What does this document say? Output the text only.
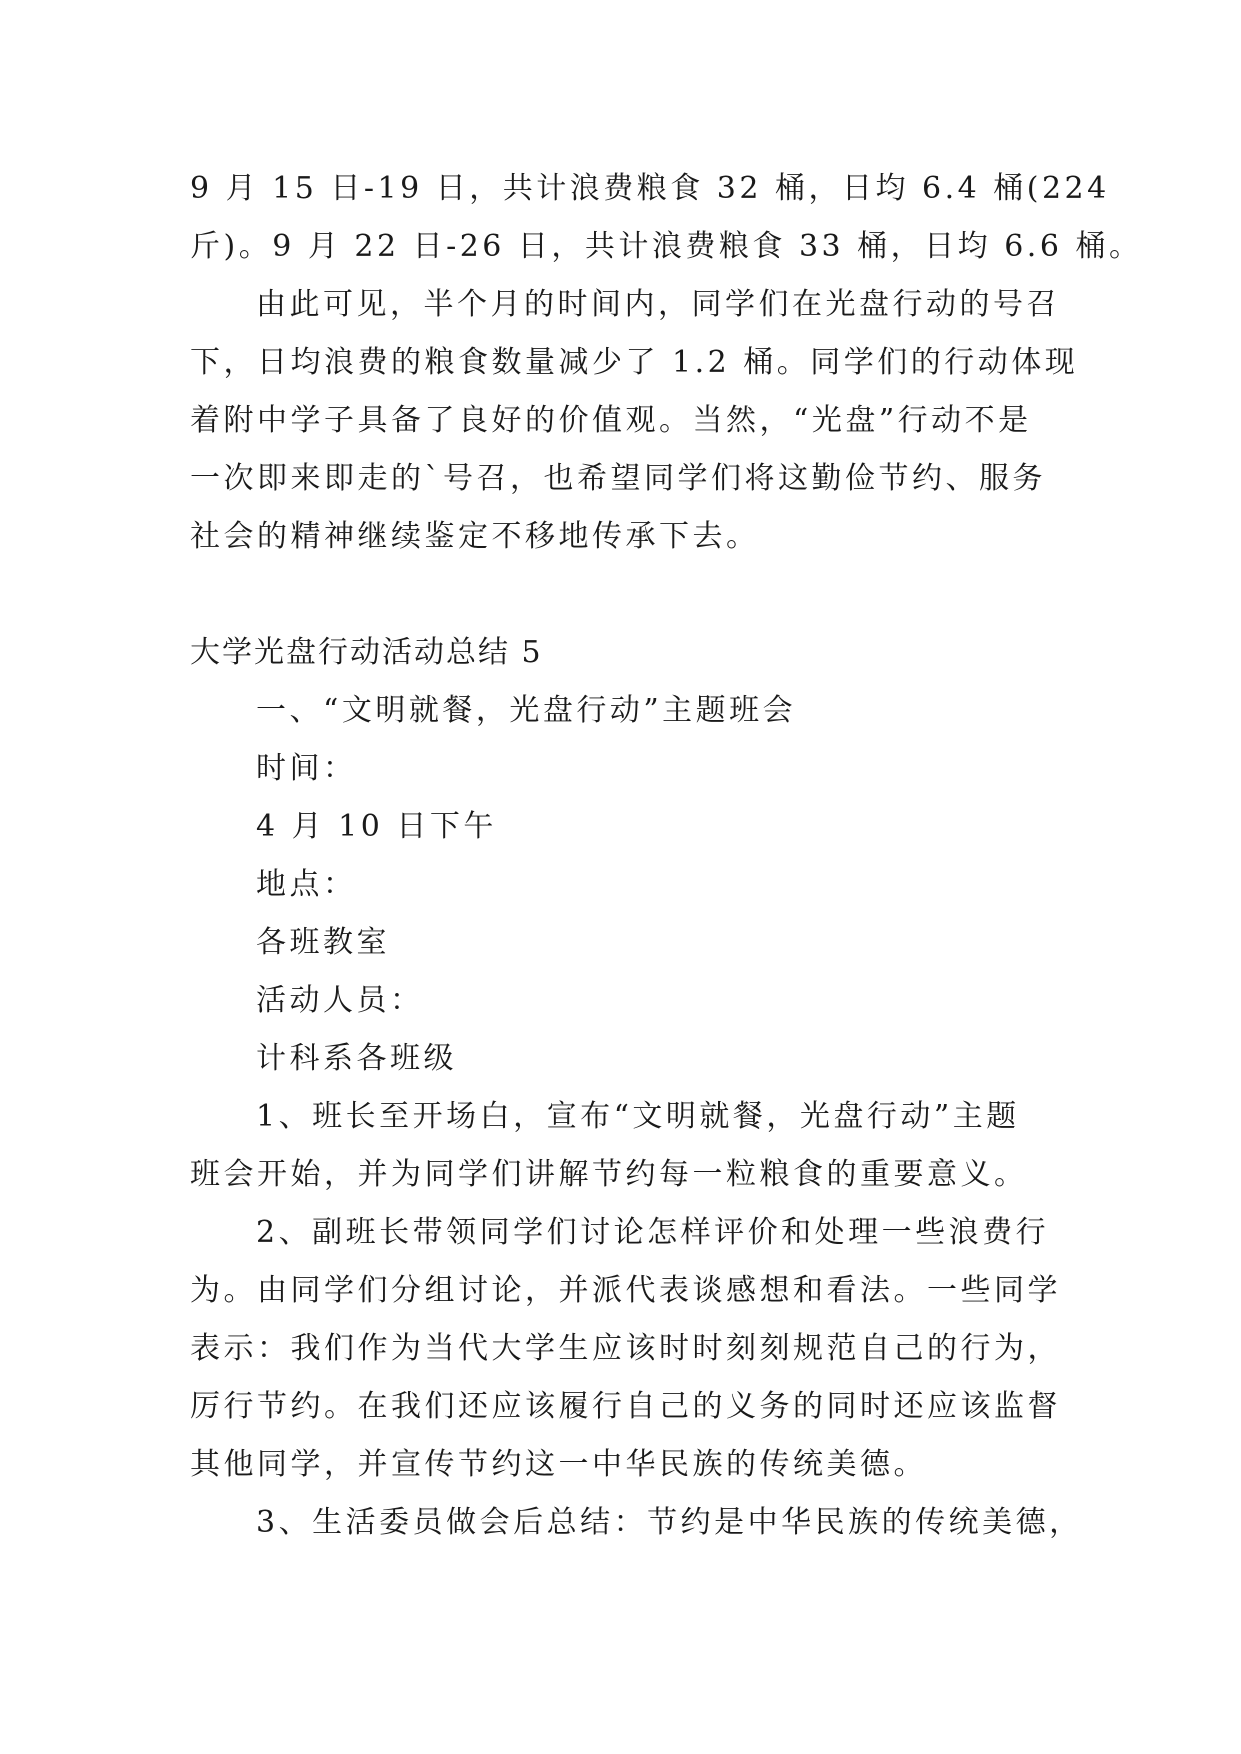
9 月 15 日-19 日，共计浪费粮食 32 桶，日均 6.4 桶(224
斤)。9 月 22 日-26 日，共计浪费粮食 33 桶，日均 6.6 桶。
由此可见，半个月的时间内，同学们在光盘行动的号召
下，日均浪费的粮食数量减少了 1.2 桶。同学们的行动体现
着附中学子具备了良好的价值观。当然，“光盘”行动不是
一次即来即走的`号召，也希望同学们将这勤俭节约、服务
社会的精神继续鉴定不移地传承下去。
大学光盘行动活动总结 5
一、“文明就餐，光盘行动”主题班会
时间：
4 月 10 日下午
地点：
各班教室
活动人员：
计科系各班级
1、班长至开场白，宣布“文明就餐，光盘行动”主题
班会开始，并为同学们讲解节约每一粒粮食的重要意义。
2、副班长带领同学们讨论怎样评价和处理一些浪费行
为。由同学们分组讨论，并派代表谈感想和看法。一些同学
表示：我们作为当代大学生应该时时刻刻规范自己的行为，
厉行节约。在我们还应该履行自己的义务的同时还应该监督
其他同学，并宣传节约这一中华民族的传统美德。
3、生活委员做会后总结：节约是中华民族的传统美德，
